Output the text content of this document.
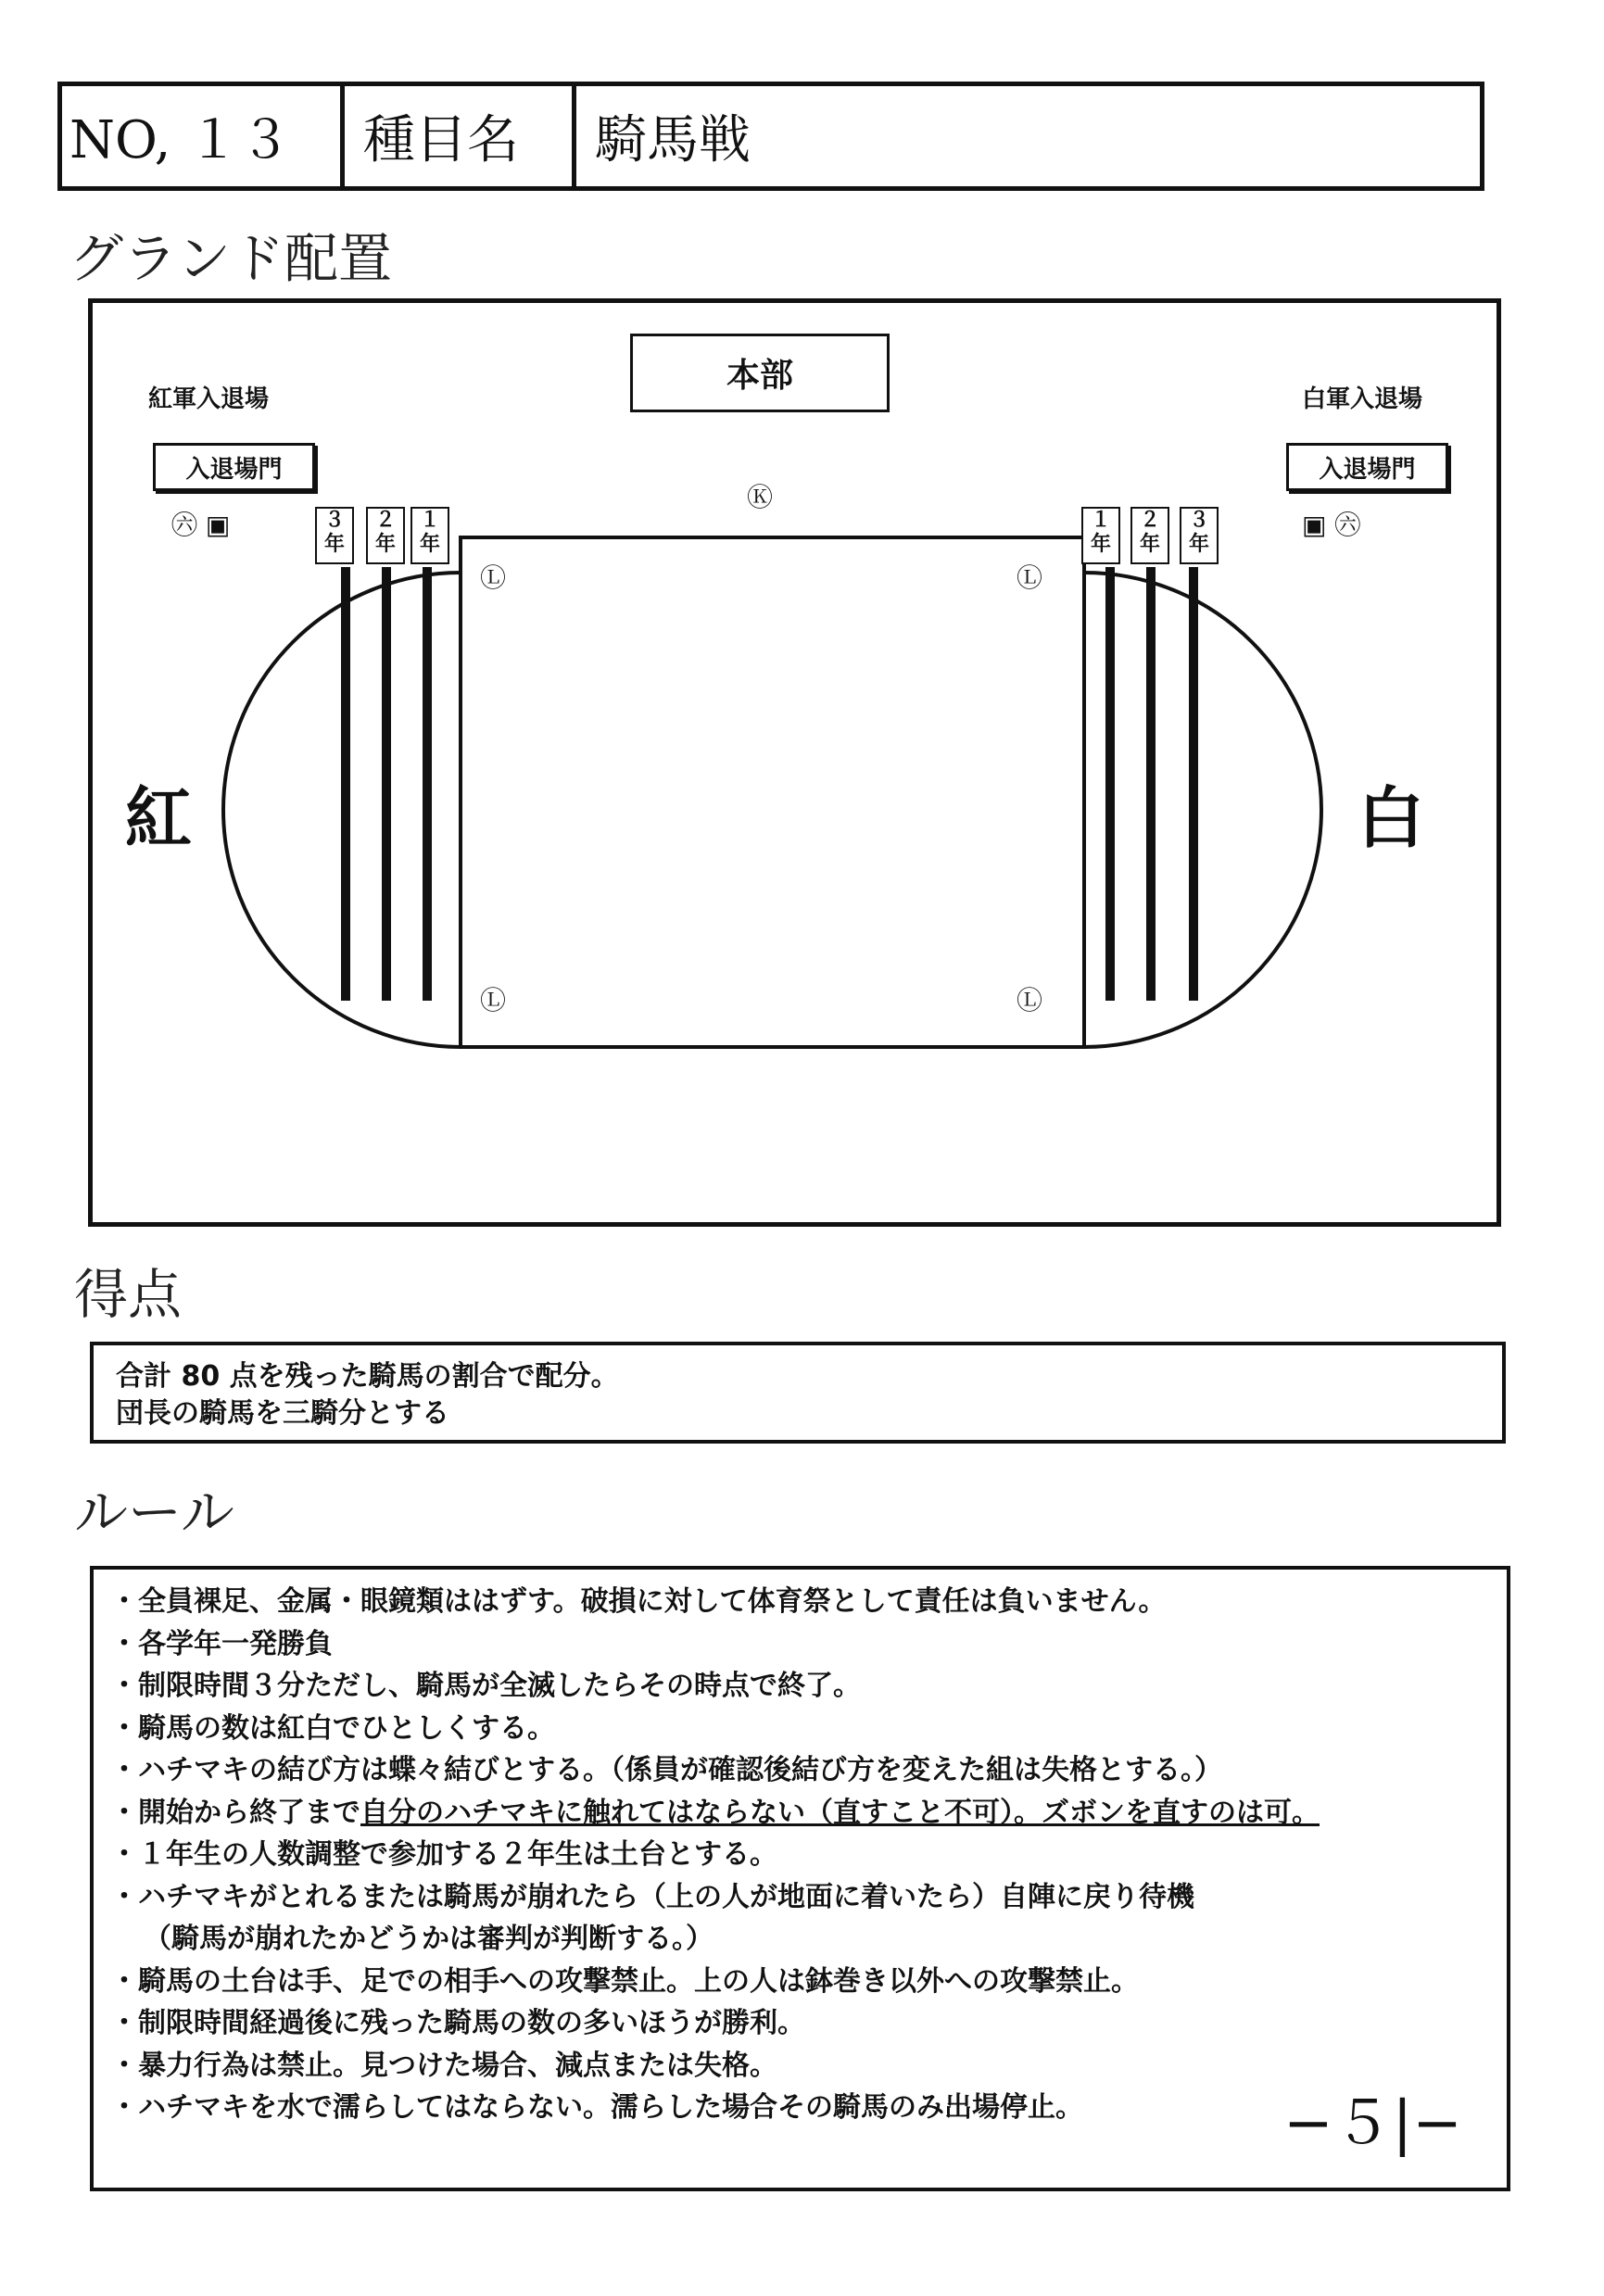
NO, １３	種目名	騎馬戦
グランド配置
本部
Ⓚ
紅軍入退場	白軍入退場
入退場門	入退場門
㊅ ▣	▣ ㊅
３年
２年
１年
１年
２年
３年
Ⓛ	Ⓛ
Ⓛ	Ⓛ
紅	白
得点
合計 80 点を残った騎馬の割合で配分。
団長の騎馬を三騎分とする
ルール
・全員裸足、金属・眼鏡類ははずす。破損に対して体育祭として責任は負いません。
・各学年一発勝負
・制限時間３分ただし、騎馬が全滅したらその時点で終了。
・騎馬の数は紅白でひとしくする。
・ハチマキの結び方は蝶々結びとする。（係員が確認後結び方を変えた組は失格とする。）
・開始から終了まで自分のハチマキに触れてはならない（直すこと不可）。ズボンを直すのは可。
・１年生の人数調整で参加する２年生は土台とする。
・ハチマキがとれるまたは騎馬が崩れたら（上の人が地面に着いたら）自陣に戻り待機
（騎馬が崩れたかどうかは審判が判断する。）
・騎馬の土台は手、足での相手への攻撃禁止。上の人は鉢巻き以外への攻撃禁止。
・制限時間経過後に残った騎馬の数の多いほうが勝利。
・暴力行為は禁止。見つけた場合、減点または失格。
・ハチマキを水で濡らしてはならない。濡らした場合その騎馬のみ出場停止。	−５|−
